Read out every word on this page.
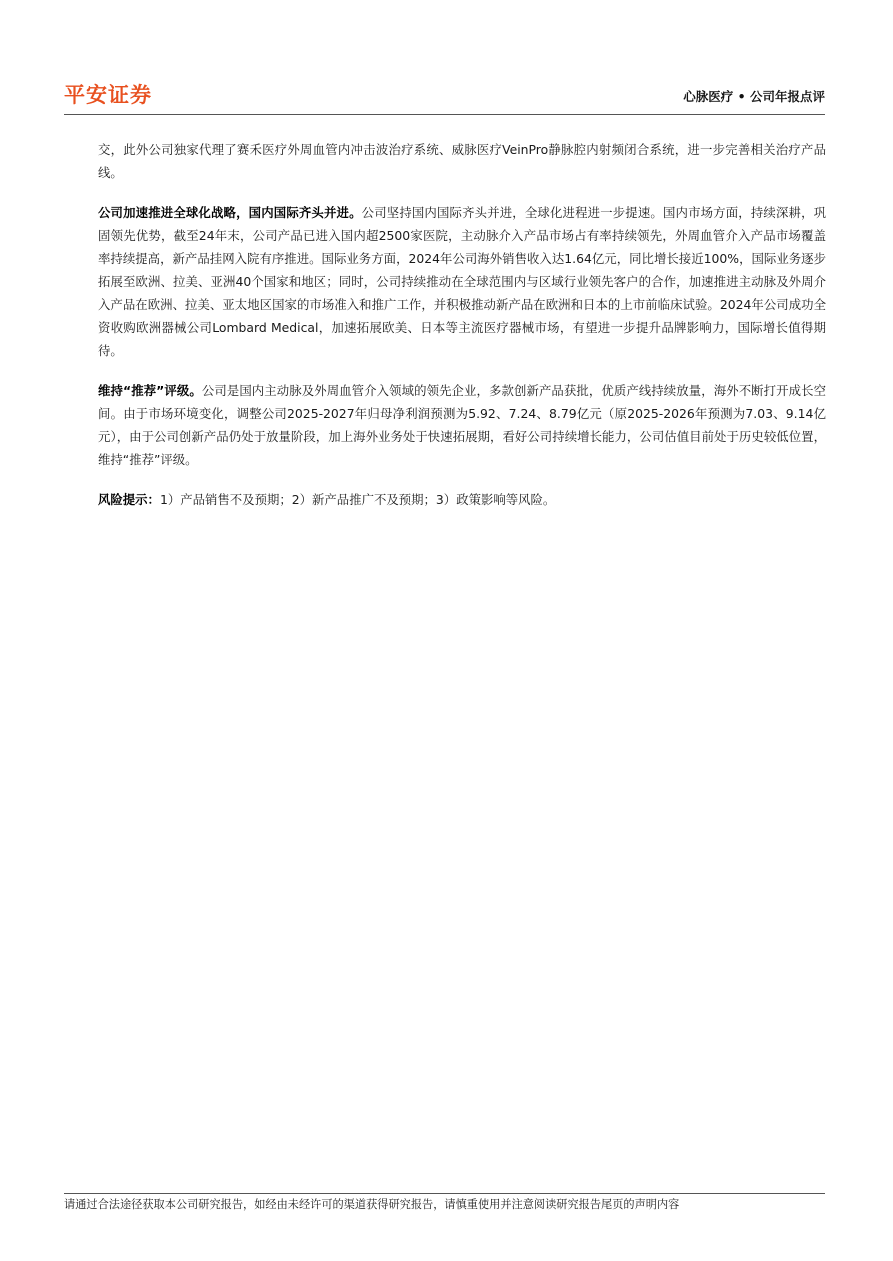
平安证券	心脉医疗 • 公司年报点评

交，此外公司独家代理了赛禾医疗外周血管内冲击波治疗系统、威脉医疗VeinPro静脉腔内射频闭合系统，进一步完善相关治疗产品线。

公司加速推进全球化战略，国内国际齐头并进。公司坚持国内国际齐头并进，全球化进程进一步提速。国内市场方面，持续深耕，巩固领先优势，截至24年末，公司产品已进入国内超2500家医院，主动脉介入产品市场占有率持续领先，外周血管介入产品市场覆盖率持续提高，新产品挂网入院有序推进。国际业务方面，2024年公司海外销售收入达1.64亿元，同比增长接近100%，国际业务逐步拓展至欧洲、拉美、亚洲40个国家和地区；同时，公司持续推动在全球范围内与区域行业领先客户的合作，加速推进主动脉及外周介入产品在欧洲、拉美、亚太地区国家的市场准入和推广工作，并积极推动新产品在欧洲和日本的上市前临床试验。2024年公司成功全资收购欧洲器械公司Lombard Medical，加速拓展欧美、日本等主流医疗器械市场，有望进一步提升品牌影响力，国际增长值得期待。

维持“推荐”评级。公司是国内主动脉及外周血管介入领域的领先企业，多款创新产品获批，优质产线持续放量，海外不断打开成长空间。由于市场环境变化，调整公司2025-2027年归母净利润预测为5.92、7.24、8.79亿元（原2025-2026年预测为7.03、9.14亿元），由于公司创新产品仍处于放量阶段，加上海外业务处于快速拓展期，看好公司持续增长能力，公司估值目前处于历史较低位置，维持“推荐”评级。

风险提示：1）产品销售不及预期；2）新产品推广不及预期；3）政策影响等风险。

请通过合法途径获取本公司研究报告，如经由未经许可的渠道获得研究报告，请慎重使用并注意阅读研究报告尾页的声明内容
